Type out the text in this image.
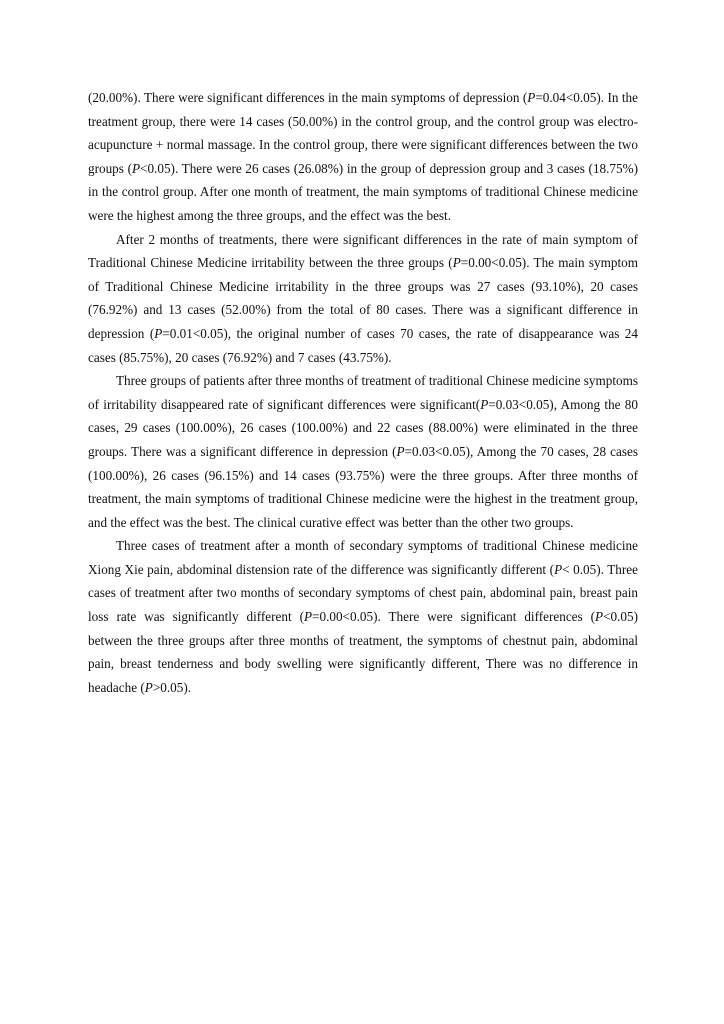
(20.00%). There were significant differences in the main symptoms of depression (P=0.04<0.05). In the treatment group, there were 14 cases (50.00%) in the control group, and the control group was electro-acupuncture + normal massage. In the control group, there were significant differences between the two groups (P<0.05). There were 26 cases (26.08%) in the group of depression group and 3 cases (18.75%) in the control group. After one month of treatment, the main symptoms of traditional Chinese medicine were the highest among the three groups, and the effect was the best.

After 2 months of treatments, there were significant differences in the rate of main symptom of Traditional Chinese Medicine irritability between the three groups (P=0.00<0.05). The main symptom of Traditional Chinese Medicine irritability in the three groups was 27 cases (93.10%), 20 cases (76.92%) and 13 cases (52.00%) from the total of 80 cases. There was a significant difference in depression (P=0.01<0.05), the original number of cases 70 cases, the rate of disappearance was 24 cases (85.75%), 20 cases (76.92%) and 7 cases (43.75%).

Three groups of patients after three months of treatment of traditional Chinese medicine symptoms of irritability disappeared rate of significant differences were significant(P=0.03<0.05), Among the 80 cases, 29 cases (100.00%), 26 cases (100.00%) and 22 cases (88.00%) were eliminated in the three groups. There was a significant difference in depression (P=0.03<0.05), Among the 70 cases, 28 cases (100.00%), 26 cases (96.15%) and 14 cases (93.75%) were the three groups. After three months of treatment, the main symptoms of traditional Chinese medicine were the highest in the treatment group, and the effect was the best. The clinical curative effect was better than the other two groups.

Three cases of treatment after a month of secondary symptoms of traditional Chinese medicine Xiong Xie pain, abdominal distension rate of the difference was significantly different (P< 0.05). Three cases of treatment after two months of secondary symptoms of chest pain, abdominal pain, breast pain loss rate was significantly different (P=0.00<0.05). There were significant differences (P<0.05) between the three groups after three months of treatment, the symptoms of chestnut pain, abdominal pain, breast tenderness and body swelling were significantly different, There was no difference in headache (P>0.05).
